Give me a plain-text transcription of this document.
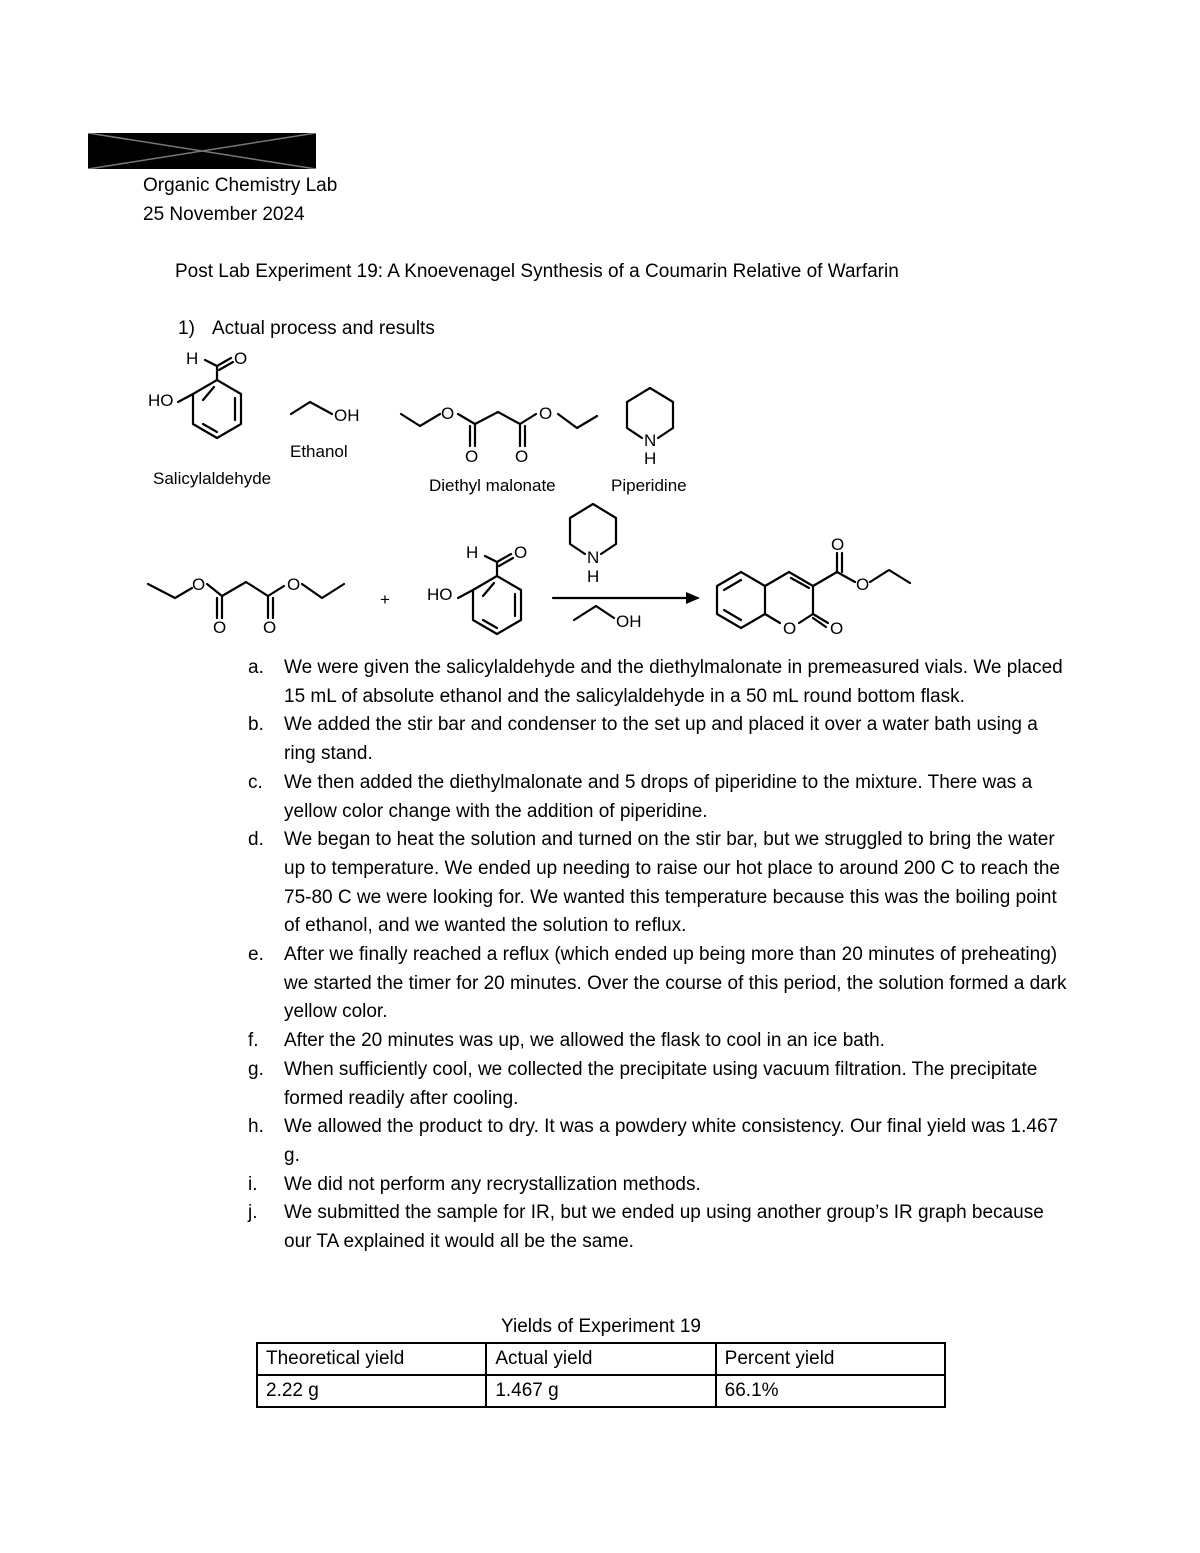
Organic Chemistry Lab
25 November 2024
Post Lab Experiment 19: A Knoevenagel Synthesis of a Coumarin Relative of Warfarin
1) Actual process and results
H O
HO
Salicylaldehyde
OH
Ethanol
O	O
O O
Diethyl malonate
N
H
Piperidine
O	O
O O
+
H O
HO
N
H
OH
O
O
O O
a. We were given the salicylaldehyde and the diethylmalonate in premeasured vials. We placed 15 mL of absolute ethanol and the salicylaldehyde in a 50 mL round bottom flask.
b. We added the stir bar and condenser to the set up and placed it over a water bath using a ring stand.
c. We then added the diethylmalonate and 5 drops of piperidine to the mixture. There was a yellow color change with the addition of piperidine.
d. We began to heat the solution and turned on the stir bar, but we struggled to bring the water up to temperature. We ended up needing to raise our hot place to around 200 C to reach the 75-80 C we were looking for. We wanted this temperature because this was the boiling point of ethanol, and we wanted the solution to reflux.
e. After we finally reached a reflux (which ended up being more than 20 minutes of preheating) we started the timer for 20 minutes. Over the course of this period, the solution formed a dark yellow color.
f. After the 20 minutes was up, we allowed the flask to cool in an ice bath.
g. When sufficiently cool, we collected the precipitate using vacuum filtration. The precipitate formed readily after cooling.
h. We allowed the product to dry. It was a powdery white consistency. Our final yield was 1.467 g.
i. We did not perform any recrystallization methods.
j. We submitted the sample for IR, but we ended up using another group’s IR graph because our TA explained it would all be the same.
Yields of Experiment 19
Theoretical yield	Actual yield	Percent yield
2.22 g	1.467 g	66.1%
